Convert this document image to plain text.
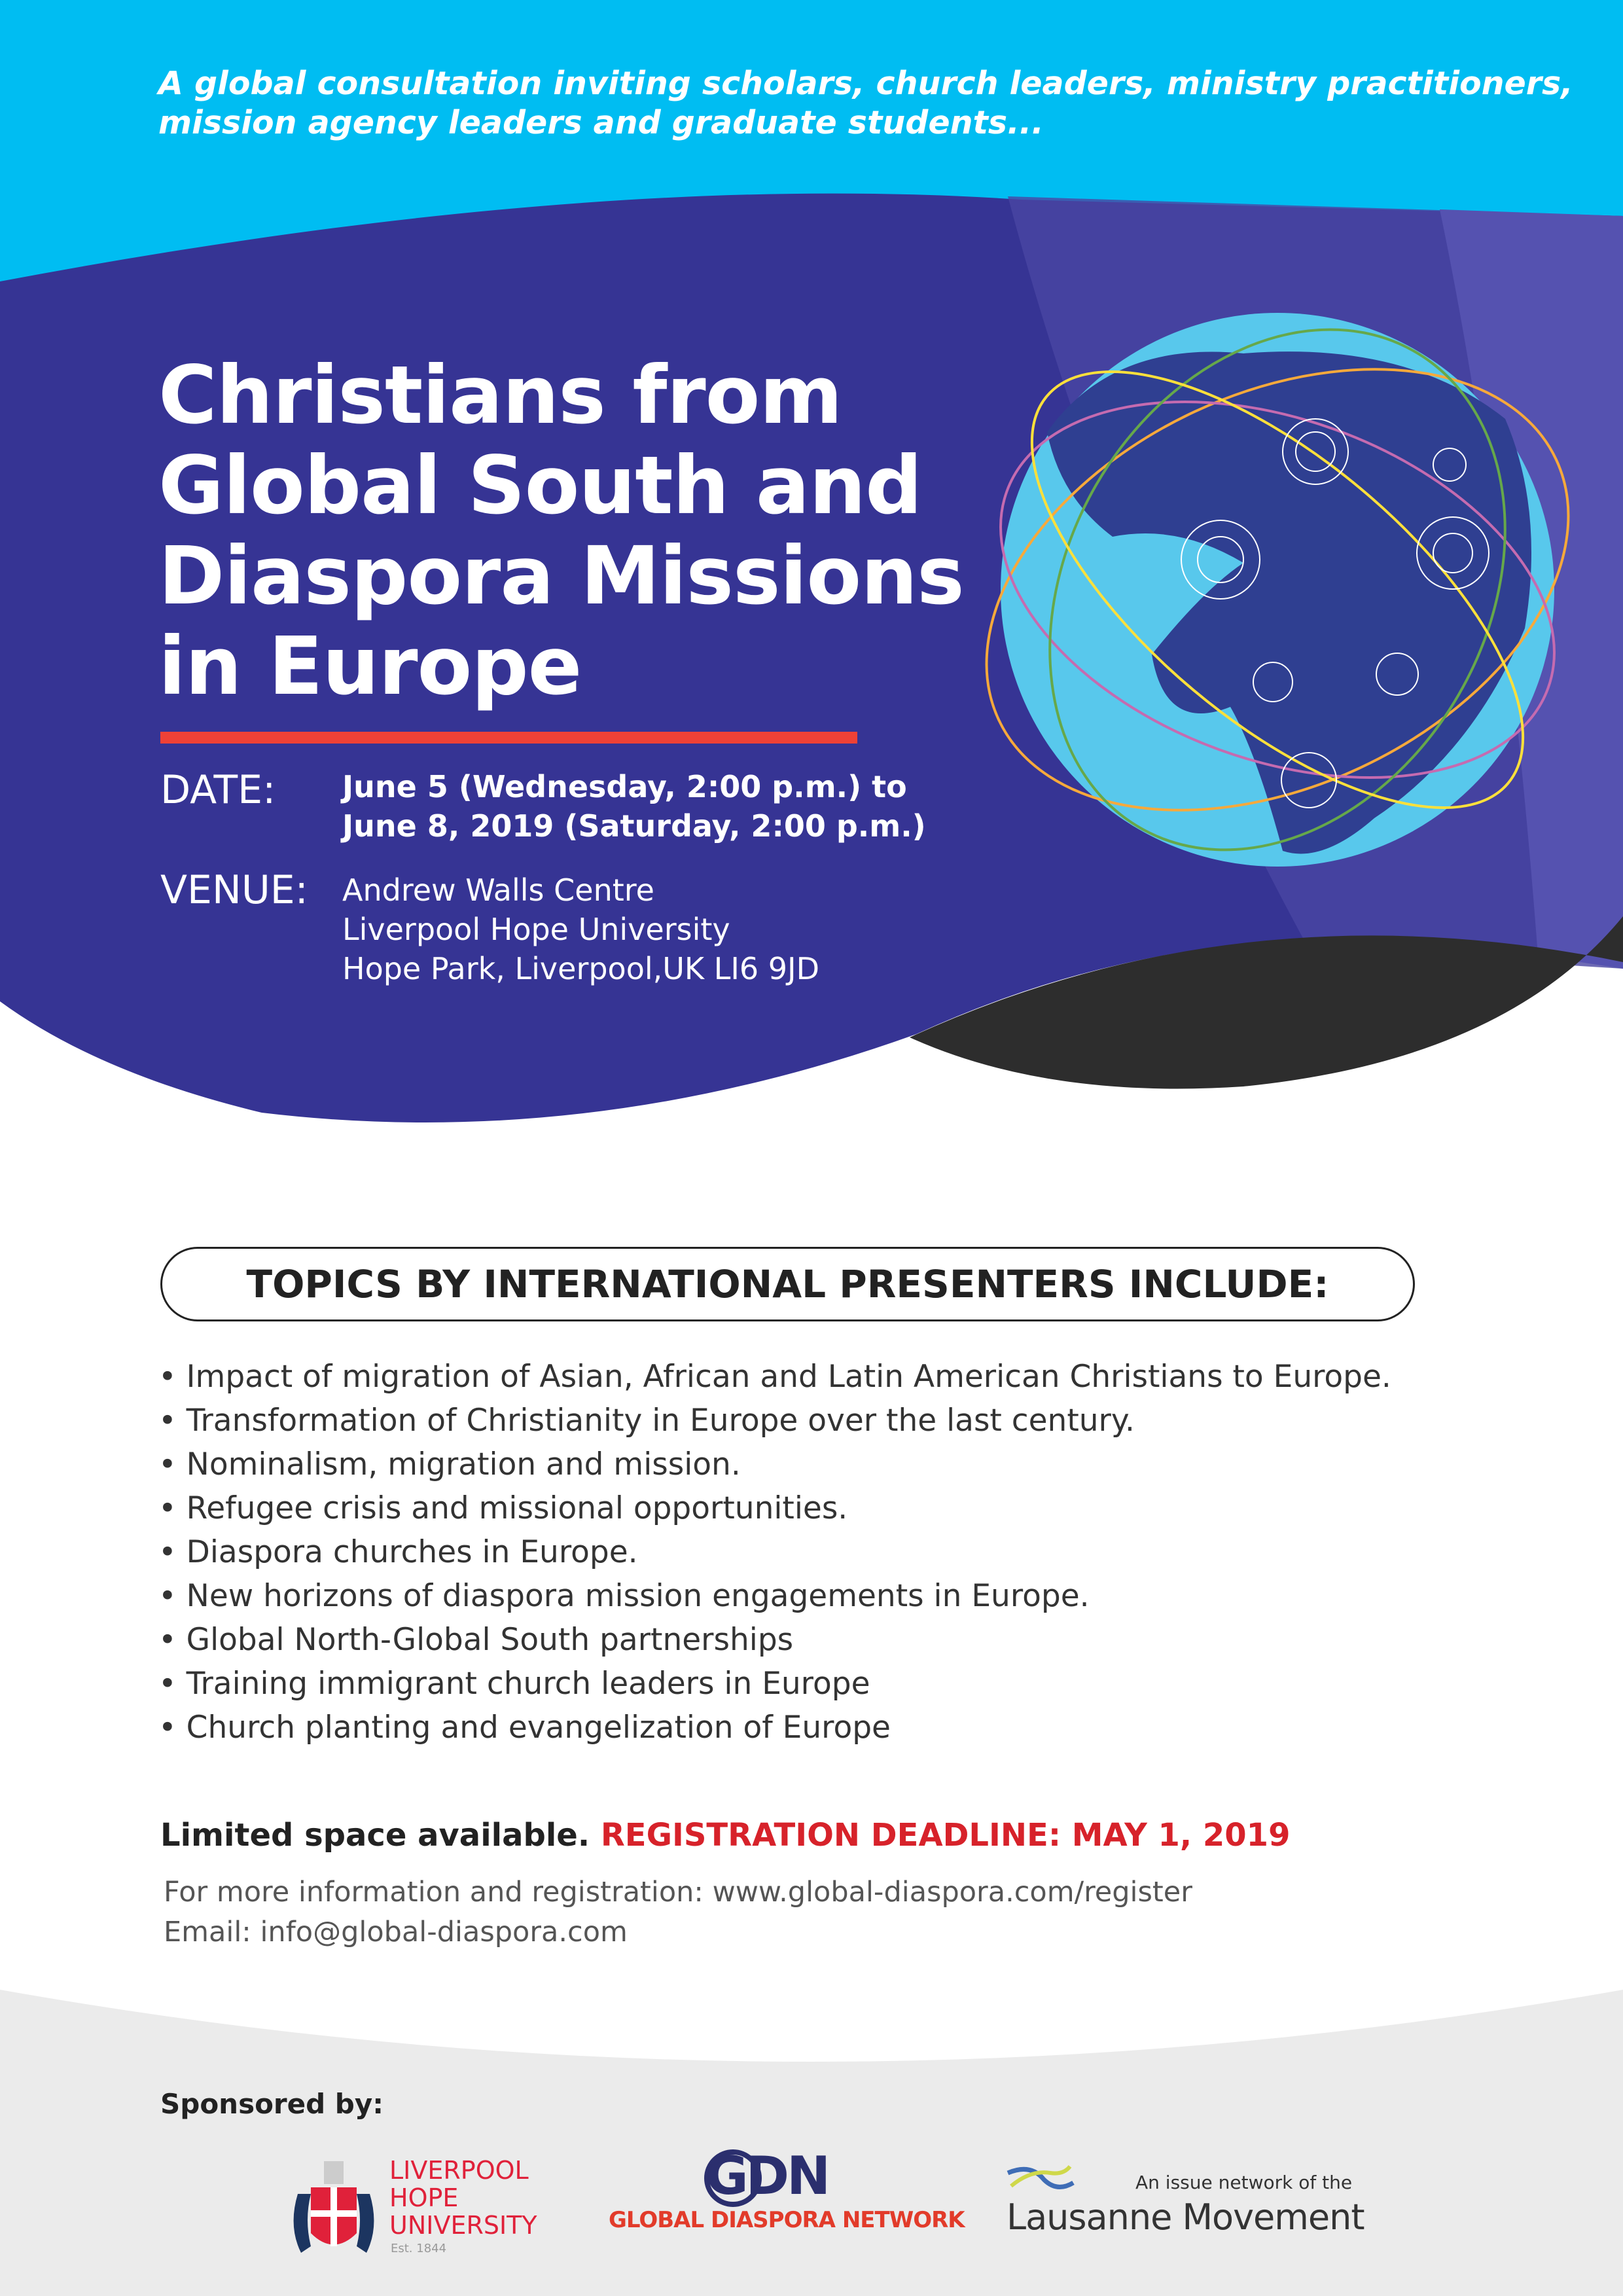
A global consultation inviting scholars, church leaders, ministry practitioners, mission agency leaders and graduate students...
Christians from
Global South and
Diaspora Missions
in Europe
DATE: June 5 (Wednesday, 2:00 p.m.) to
June 8, 2019 (Saturday, 2:00 p.m.)
VENUE: Andrew Walls Centre
Liverpool Hope University
Hope Park, Liverpool,UK LI6 9JD
TOPICS BY INTERNATIONAL PRESENTERS INCLUDE:
• Impact of migration of Asian, African and Latin American Christians to Europe.
• Transformation of Christianity in Europe over the last century.
• Nominalism, migration and mission.
• Refugee crisis and missional opportunities.
• Diaspora churches in Europe.
• New horizons of diaspora mission engagements in Europe.
• Global North-Global South partnerships
• Training immigrant church leaders in Europe
• Church planting and evangelization of Europe
Limited space available. REGISTRATION DEADLINE: MAY 1, 2019
For more information and registration: www.global-diaspora.com/register
Email: info@global-diaspora.com
Sponsored by:
LIVERPOOL
HOPE
UNIVERSITY
Est. 1844
GDN
GLOBAL DIASPORA NETWORK
An issue network of the
Lausanne Movement
